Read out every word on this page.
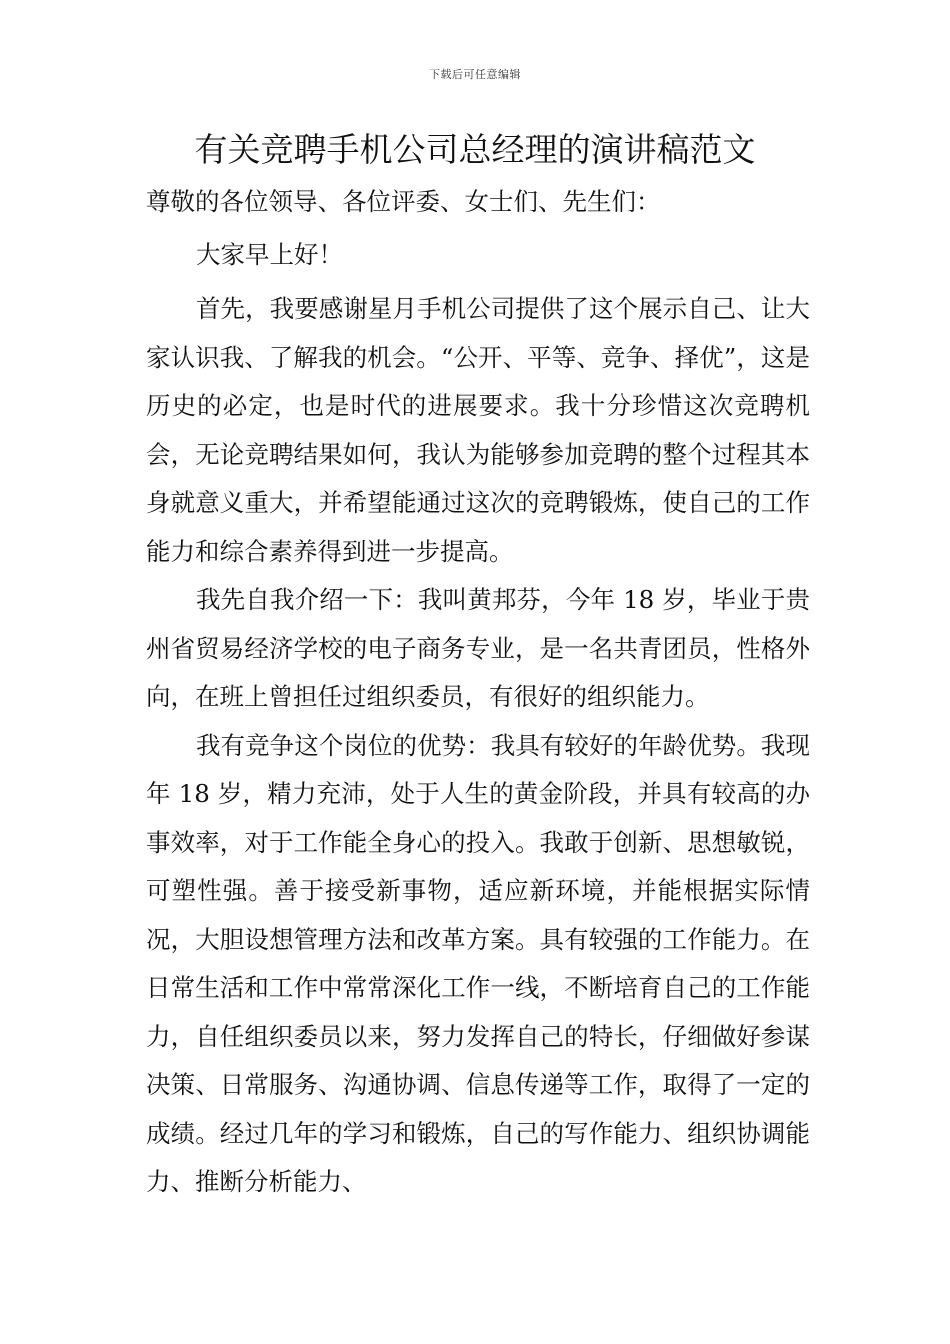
下载后可任意编辑
有关竞聘手机公司总经理的演讲稿范文

尊敬的各位领导、各位评委、女士们、先生们：

大家早上好！

首先，我要感谢星月手机公司提供了这个展示自己、让大家认识我、了解我的机会。“公开、平等、竞争、择优”，这是历史的必定，也是时代的进展要求。我十分珍惜这次竞聘机会，无论竞聘结果如何，我认为能够参加竞聘的整个过程其本身就意义重大，并希望能通过这次的竞聘锻炼，使自己的工作能力和综合素养得到进一步提高。

我先自我介绍一下：我叫黄邦芬，今年 18 岁，毕业于贵州省贸易经济学校的电子商务专业，是一名共青团员，性格外向，在班上曾担任过组织委员，有很好的组织能力。

我有竞争这个岗位的优势：我具有较好的年龄优势。我现年 18 岁，精力充沛，处于人生的黄金阶段，并具有较高的办事效率，对于工作能全身心的投入。我敢于创新、思想敏锐，可塑性强。善于接受新事物，适应新环境，并能根据实际情况，大胆设想管理方法和改革方案。具有较强的工作能力。在日常生活和工作中常常深化工作一线，不断培育自己的工作能力，自任组织委员以来，努力发挥自己的特长，仔细做好参谋决策、日常服务、沟通协调、信息传递等工作，取得了一定的成绩。经过几年的学习和锻炼，自己的写作能力、组织协调能力、推断分析能力、
